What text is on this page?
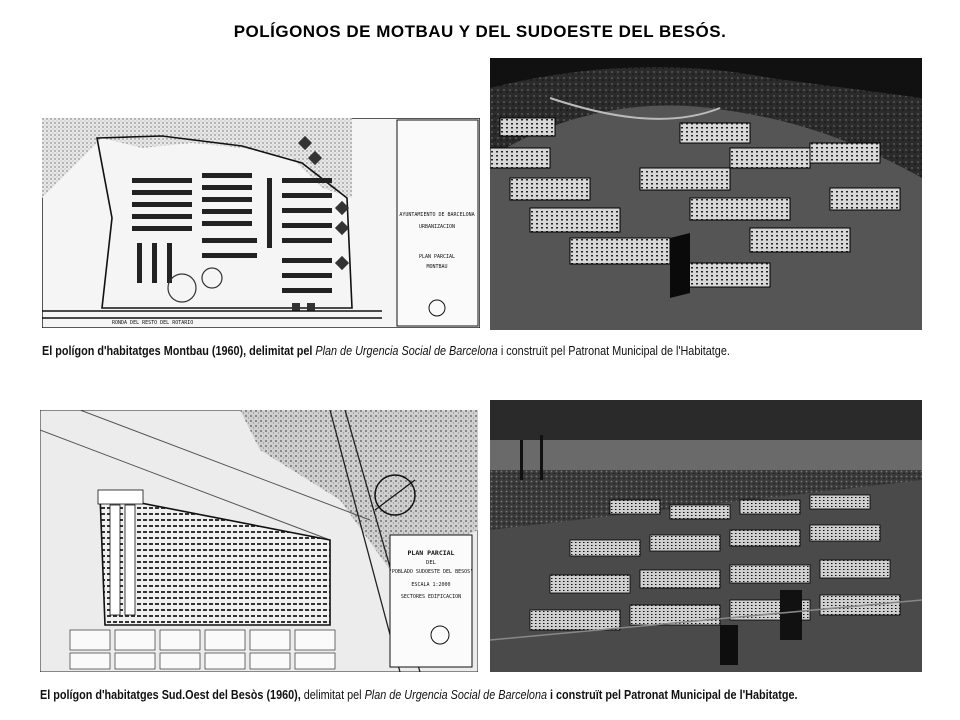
POLÍGONOS DE MOTBAU Y DEL SUDOESTE DEL BESÓS.
RONDA DEL RESTO DEL ROTARIO
AYUNTAMIENTO DE BARCELONA
URBANIZACION
PLAN PARCIAL
MONTBAU
El polígon d'habitatges Montbau (1960), delimitat pel Plan de Urgencia Social de Barcelona i construït pel Patronat Municipal de l'Habitatge.
PLAN PARCIAL
DEL
"POBLADO SUDOESTE DEL BESOS"
ESCALA 1:2000
SECTORES EDIFICACION
El polígon d'habitatges Sud.Oest del Besòs (1960), delimitat pel Plan de Urgencia Social de Barcelona i construït pel Patronat Municipal de l'Habitatge.
